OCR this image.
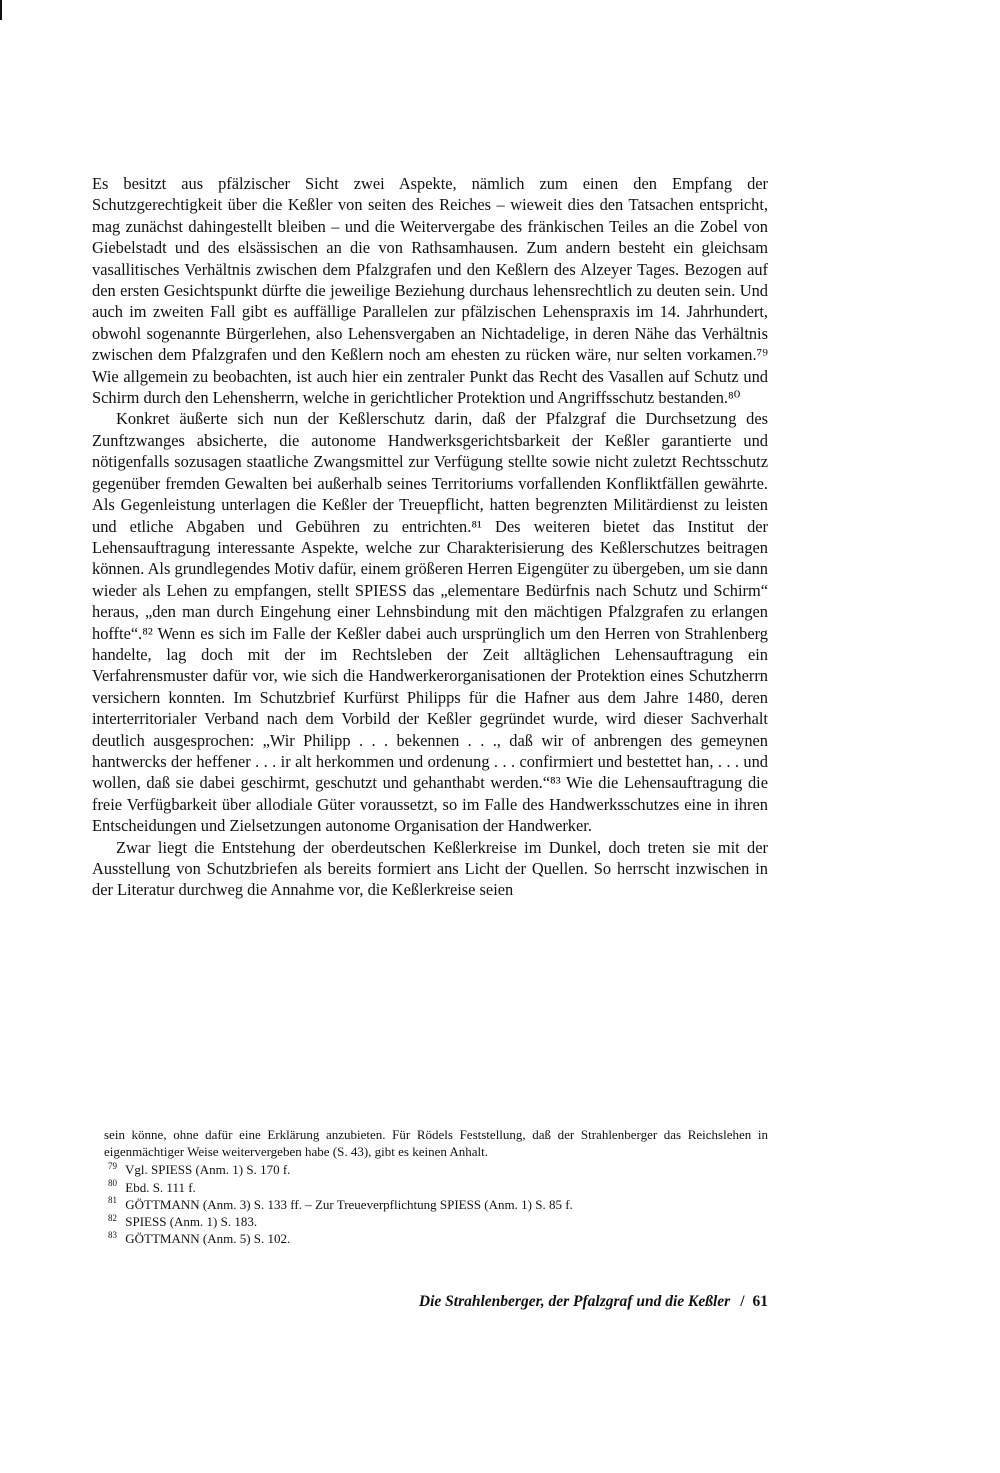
Es besitzt aus pfälzischer Sicht zwei Aspekte, nämlich zum einen den Empfang der Schutzgerechtigkeit über die Keßler von seiten des Reiches – wieweit dies den Tatsachen entspricht, mag zunächst dahingestellt bleiben – und die Weitervergabe des fränkischen Teiles an die Zobel von Giebelstadt und des elsässischen an die von Rathsamhausen. Zum andern besteht ein gleichsam vasallitisches Verhältnis zwischen dem Pfalzgrafen und den Keßlern des Alzeyer Tages. Bezogen auf den ersten Gesichtspunkt dürfte die jeweilige Beziehung durchaus lehensrechtlich zu deuten sein. Und auch im zweiten Fall gibt es auffällige Parallelen zur pfälzischen Lehenspraxis im 14. Jahrhundert, obwohl sogenannte Bürgerlehen, also Lehensvergaben an Nichtadelige, in deren Nähe das Verhältnis zwischen dem Pfalzgrafen und den Keßlern noch am ehesten zu rücken wäre, nur selten vorkamen.⁷⁹ Wie allgemein zu beobachten, ist auch hier ein zentraler Punkt das Recht des Vasallen auf Schutz und Schirm durch den Lehensherrn, welche in gerichtlicher Protektion und Angriffsschutz bestanden.⁸⁰

Konkret äußerte sich nun der Keßlerschutz darin, daß der Pfalzgraf die Durchsetzung des Zunftzwanges absicherte, die autonome Handwerksgerichtsbarkeit der Keßler garantierte und nötigenfalls sozusagen staatliche Zwangsmittel zur Verfügung stellte sowie nicht zuletzt Rechtsschutz gegenüber fremden Gewalten bei außerhalb seines Territoriums vorfallenden Konfliktfällen gewährte. Als Gegenleistung unterlagen die Keßler der Treuepflicht, hatten begrenzten Militärdienst zu leisten und etliche Abgaben und Gebühren zu entrichten.⁸¹ Des weiteren bietet das Institut der Lehensauftragung interessante Aspekte, welche zur Charakterisierung des Keßlerschutzes beitragen können. Als grundlegendes Motiv dafür, einem größeren Herren Eigengüter zu übergeben, um sie dann wieder als Lehen zu empfangen, stellt SPIESS das „elementare Bedürfnis nach Schutz und Schirm“ heraus, „den man durch Eingehung einer Lehnsbindung mit den mächtigen Pfalzgrafen zu erlangen hoffte“.⁸² Wenn es sich im Falle der Keßler dabei auch ursprünglich um den Herren von Strahlenberg handelte, lag doch mit der im Rechtsleben der Zeit alltäglichen Lehensauftragung ein Verfahrensmuster dafür vor, wie sich die Handwerkerorganisationen der Protektion eines Schutzherrn versichern konnten. Im Schutzbrief Kurfürst Philipps für die Hafner aus dem Jahre 1480, deren interterritorialer Verband nach dem Vorbild der Keßler gegründet wurde, wird dieser Sachverhalt deutlich ausgesprochen: „Wir Philipp . . . bekennen . . ., daß wir of anbrengen des gemeynen hantwercks der heffener . . . ir alt herkommen und ordenung . . . confirmiert und bestettet han, . . . und wollen, daß sie dabei geschirmt, geschutzt und gehanthabt werden.“⁸³ Wie die Lehensauftragung die freie Verfügbarkeit über allodiale Güter voraussetzt, so im Falle des Handwerksschutzes eine in ihren Entscheidungen und Zielsetzungen autonome Organisation der Handwerker.

Zwar liegt die Entstehung der oberdeutschen Keßlerkreise im Dunkel, doch treten sie mit der Ausstellung von Schutzbriefen als bereits formiert ans Licht der Quellen. So herrscht inzwischen in der Literatur durchweg die Annahme vor, die Keßlerkreise seien

sein könne, ohne dafür eine Erklärung anzubieten. Für Rödels Feststellung, daß der Strahlenberger das Reichslehen in eigenmächtiger Weise weitervergeben habe (S. 43), gibt es keinen Anhalt.

79 Vgl. SPIESS (Anm. 1) S. 170 f.

80 Ebd. S. 111 f.

81 GÖTTMANN (Anm. 3) S. 133 ff. – Zur Treueverpflichtung SPIESS (Anm. 1) S. 85 f.

82 SPIESS (Anm. 1) S. 183.

83 GÖTTMANN (Anm. 5) S. 102.

Die Strahlenberger, der Pfalzgraf und die Keßler / 61
